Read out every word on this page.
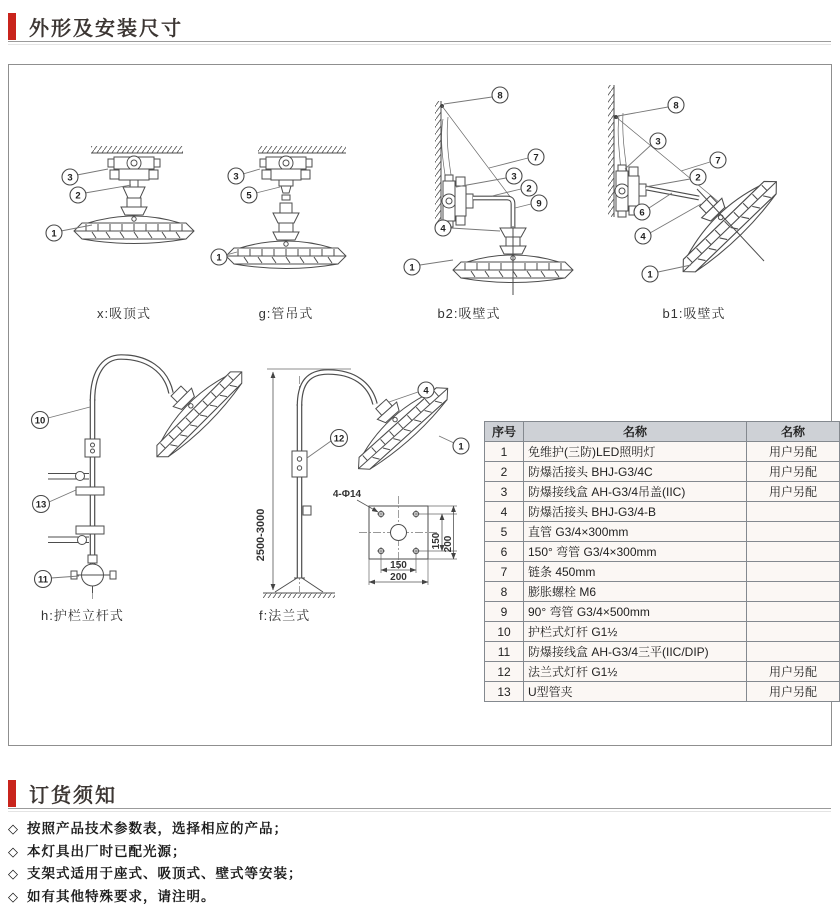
外形及安装尺寸
3
2
1
3
5
1
8
7
3
2
9
4
1
8
3
7
2
6
4
1
10
13
11
2500-3000
4-Φ14
150 200
150
200
4
12
1
x:吸顶式	g:管吊式	b2:吸壁式	b1:吸壁式
h:护栏立杆式	f:法兰式
序号	名称	名称
1	免维护(三防)LED照明灯	用户另配
2	防爆活接头 BHJ-G3/4C	用户另配
3	防爆接线盒 AH-G3/4吊盖(IIC)	用户另配
4	防爆活接头 BHJ-G3/4-B	
5	直管 G3/4×300mm	
6	150° 弯管 G3/4×300mm	
7	链条 450mm	
8	膨胀螺栓 M6	
9	90° 弯管 G3/4×500mm	
10	护栏式灯杆 G1½	
11	防爆接线盒 AH-G3/4三平(IIC/DIP)	
12	法兰式灯杆 G1½	用户另配
13	U型管夹	用户另配
订货须知
◇ 按照产品技术参数表，选择相应的产品；
◇ 本灯具出厂时已配光源；
◇ 支架式适用于座式、吸顶式、壁式等安装；
◇ 如有其他特殊要求，请注明。
